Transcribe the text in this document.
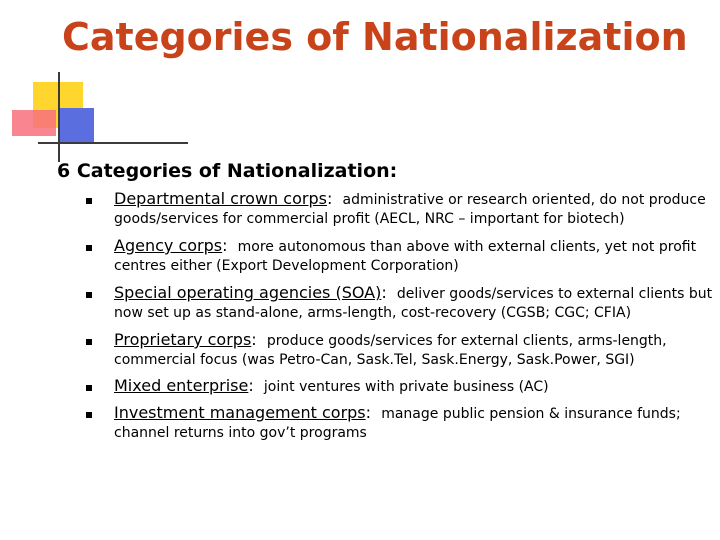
Categories of Nationalization
6 Categories of Nationalization:
Departmental crown corps: administrative or research oriented, do not produce goods/services for commercial profit (AECL, NRC – important for biotech)
Agency corps: more autonomous than above with external clients, yet not profit centres either (Export Development Corporation)
Special operating agencies (SOA): deliver goods/services to external clients but now set up as stand-alone, arms-length, cost-recovery (CGSB; CGC; CFIA)
Proprietary corps: produce goods/services for external clients, arms-length, commercial focus (was Petro-Can, Sask.Tel, Sask.Energy, Sask.Power, SGI)
Mixed enterprise: joint ventures with private business (AC)
Investment management corps: manage public pension & insurance funds; channel returns into gov’t programs
